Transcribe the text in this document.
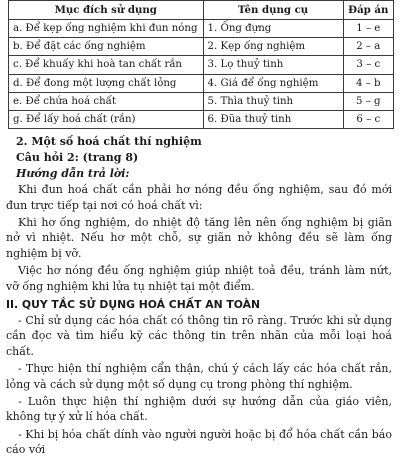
Mục đích sử dụng	Tên dụng cụ	Đáp án
a. Để kẹp ống nghiệm khi đun nóng	1. Ống đựng	1 – e
b. Để đặt các ống nghiệm	2. Kẹp ống nghiệm	2 – a
c. Để khuấy khi hoà tan chất rắn	3. Lọ thuỷ tinh	3 – c
d. Để đong một lượng chất lỏng	4. Giá để ống nghiệm	4 – b
e. Để chứa hoá chất	5. Thìa thuỷ tinh	5 – g
g. Để lấy hoá chất (rắn)	6. Đũa thuỷ tinh	6 – c
2. Một số hoá chất thí nghiệm
Câu hỏi 2: (trang 8)
Hướng dẫn trả lời:

Khi đun hoá chất cần phải hơ nóng đều ống nghiệm, sau đó mới đun trực tiếp tại nơi có hoá chất vì:

Khi hơ ống nghiệm, do nhiệt độ tăng lên nên ống nghiệm bị giãn nở vì nhiệt. Nếu hơ một chỗ, sự giãn nở không đều sẽ làm ống nghiệm bị vỡ.

Việc hơ nóng đều ống nghiệm giúp nhiệt toả đều, tránh làm nứt, vỡ ống nghiệm khi lửa tụ nhiệt tại một điểm.

II. QUY TẮC SỬ DỤNG HOÁ CHẤT AN TOÀN

- Chỉ sử dụng các hóa chất có thông tin rõ ràng. Trước khi sử dụng cần đọc và tìm hiểu kỹ các thông tin trên nhãn của mỗi loại hoá chất.

- Thực hiện thí nghiệm cẩn thận, chú ý cách lấy các hóa chất rắn, lỏng và cách sử dụng một số dụng cụ trong phòng thí nghiệm.

- Luôn thực hiện thí nghiệm dưới sự hướng dẫn của giáo viên, không tự ý xử lí hóa chất.

- Khi bị hóa chất dính vào người người hoặc bị đổ hóa chất cần báo cáo với
